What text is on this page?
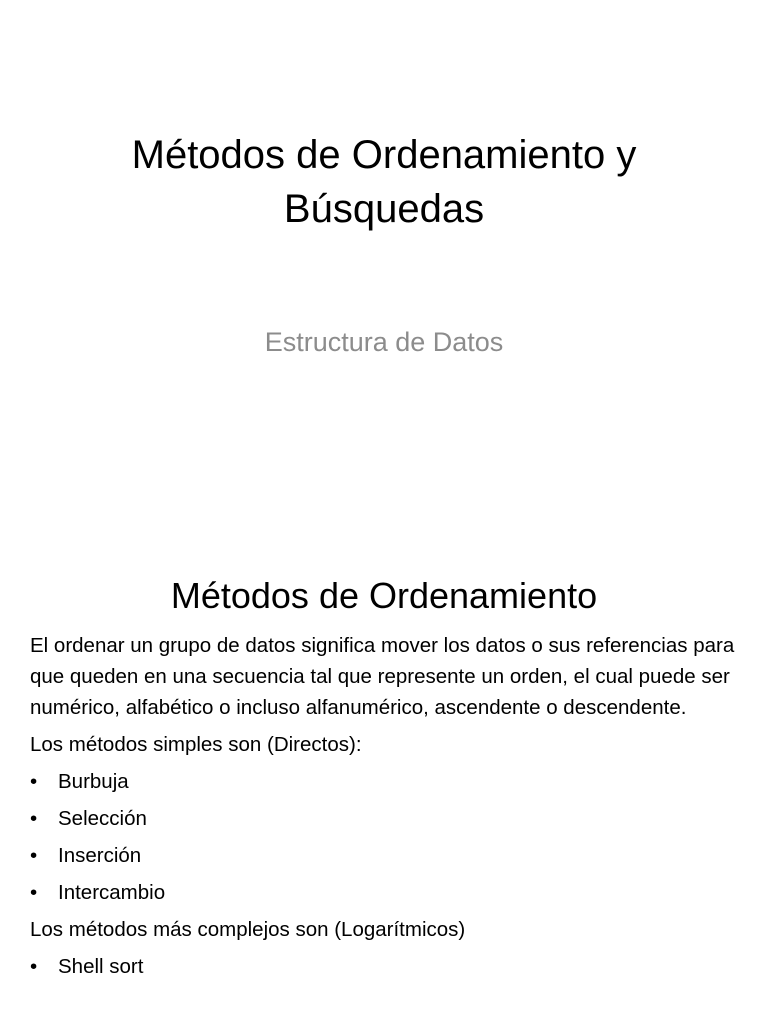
Métodos de Ordenamiento y Búsquedas
Estructura de Datos
Métodos de Ordenamiento

El ordenar un grupo de datos significa mover los datos o sus referencias para que queden en una secuencia tal que represente un orden, el cual puede ser numérico, alfabético o incluso alfanumérico, ascendente o descendente.

Los métodos simples son (Directos):

•	Burbuja
•	Selección
•	Inserción
•	Intercambio

Los métodos más complejos son (Logarítmicos)

•	Shell sort
